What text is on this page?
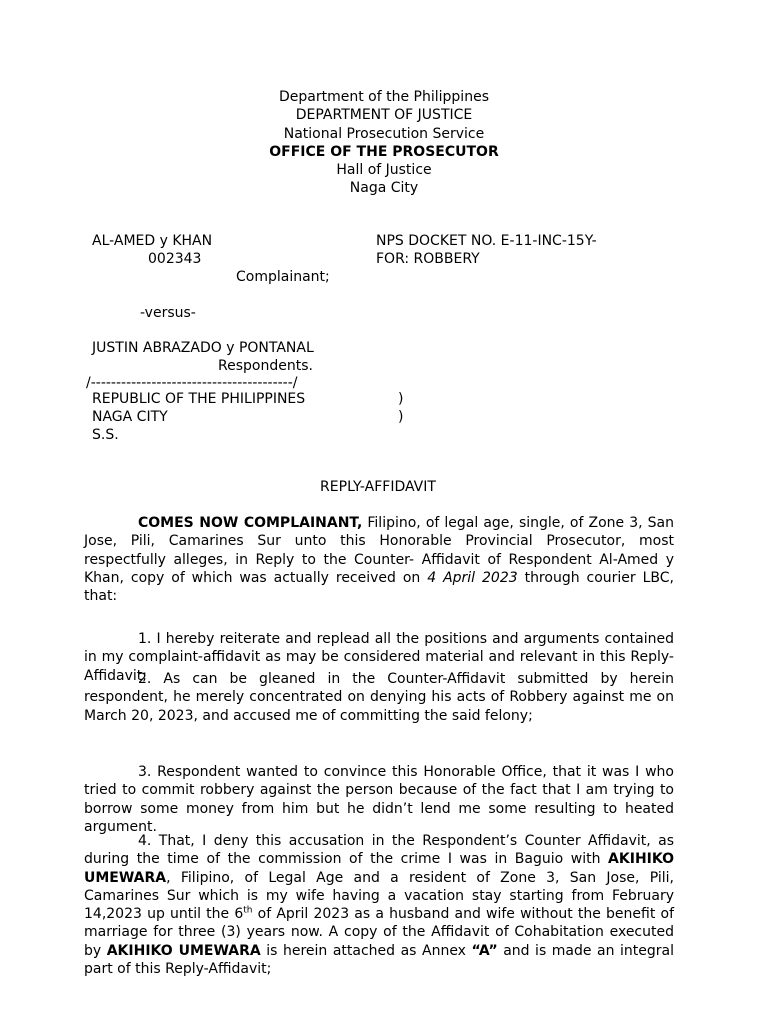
Department of the Philippines
DEPARTMENT OF JUSTICE
National Prosecution Service
OFFICE OF THE PROSECUTOR
Hall of Justice
Naga City
AL-AMED y KHAN
002343
Complainant;
NPS DOCKET NO. E-11-INC-15Y-
FOR: ROBBERY
-versus-
JUSTIN ABRAZADO y PONTANAL
Respondents.
/----------------------------------------/
REPUBLIC OF THE PHILIPPINES	)
NAGA CITY	)
S.S.
REPLY-AFFIDAVIT

COMES NOW COMPLAINANT, Filipino, of legal age, single, of Zone 3, San Jose, Pili, Camarines Sur unto this Honorable Provincial Prosecutor, most respectfully alleges, in Reply to the Counter- Affidavit of Respondent Al-Amed y Khan, copy of which was actually received on 4 April 2023 through courier LBC, that:

1. I hereby reiterate and replead all the positions and arguments contained in my complaint-affidavit as may be considered material and relevant in this Reply-Affidavit;

2. As can be gleaned in the Counter-Affidavit submitted by herein respondent, he merely concentrated on denying his acts of Robbery against me on March 20, 2023, and accused me of committing the said felony;

3. Respondent wanted to convince this Honorable Office, that it was I who tried to commit robbery against the person because of the fact that I am trying to borrow some money from him but he didn’t lend me some resulting to heated argument.

4. That, I deny this accusation in the Respondent’s Counter Affidavit, as during the time of the commission of the crime I was in Baguio with AKIHIKO UMEWARA, Filipino, of Legal Age and a resident of Zone 3, San Jose, Pili, Camarines Sur which is my wife having a vacation stay starting from February 14,2023 up until the 6th of April 2023 as a husband and wife without the benefit of marriage for three (3) years now. A copy of the Affidavit of Cohabitation executed by AKIHIKO UMEWARA is herein attached as Annex “A” and is made an integral part of this Reply-Affidavit;
